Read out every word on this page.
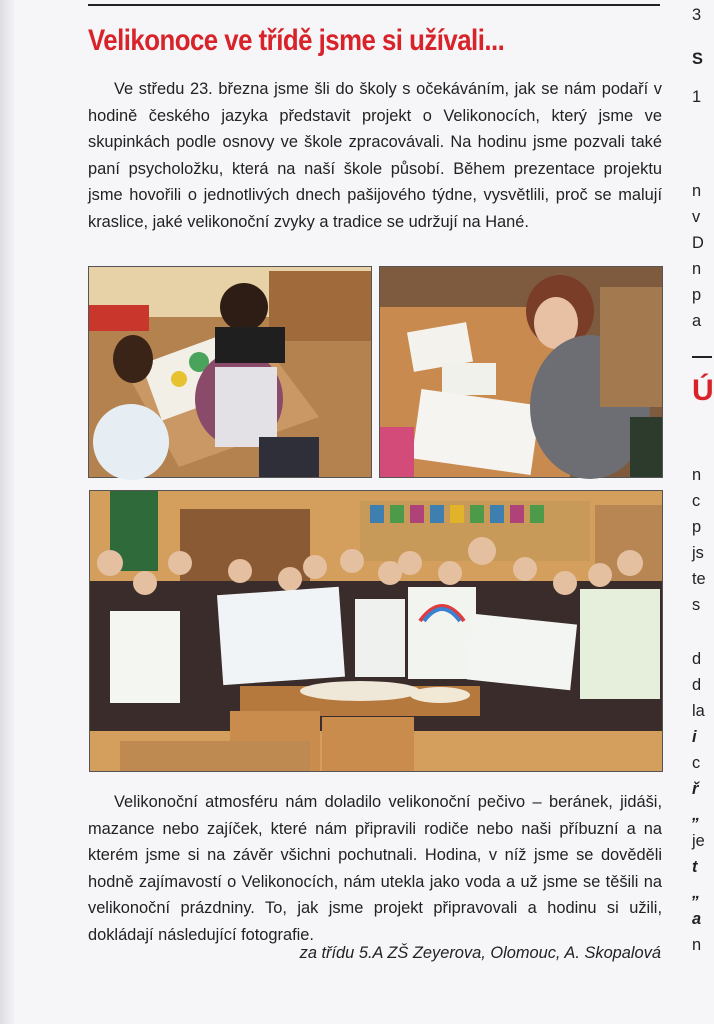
Velikonoce ve třídě jsme si užívali...

Ve středu 23. března jsme šli do školy s očekáváním, jak se nám podaří v hodině českého jazyka představit projekt o Velikonocích, který jsme ve skupinkách podle osnovy ve škole zpracovávali. Na hodinu jsme pozvali také paní psycholožku, která na naší škole působí. Během prezentace projektu jsme hovořili o jednotlivých dnech pašijového týdne, vysvětlili, proč se malují kraslice, jaké velikonoční zvyky a tradice se udržují na Hané.

Velikonoční atmosféru nám doladilo velikonoční pečivo – beránek, jidáši, mazance nebo zajíček, které nám připravili rodiče nebo naši příbuzní a na kterém jsme si na závěr všichni pochutnali. Hodina, v níž jsme se dověděli hodně zajímavostí o Velikonocích, nám utekla jako voda a už jsme se těšili na velikonoční prázdniny. To, jak jsme projekt připravovali a hodinu si užili, dokládají následující fotografie.

za třídu 5.A ZŠ Zeyerova, Olomouc, A. Skopalová

3
S
1
n
v
D
n
p
a
Ú
n
c
p
js
te
s
d
d
la
i
c
ř
„
je
t
„
a
n
